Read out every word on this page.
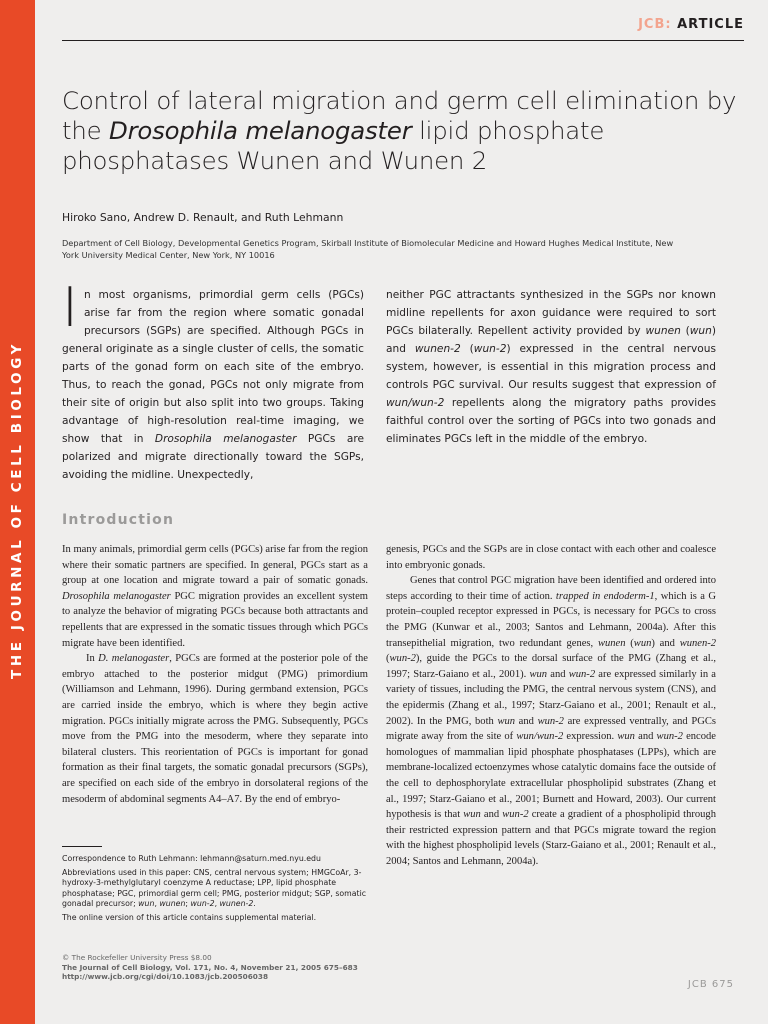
THE JOURNAL OF CELL BIOLOGY
JCB: ARTICLE
Control of lateral migration and germ cell elimination by the Drosophila melanogaster lipid phosphate phosphatases Wunen and Wunen 2
Hiroko Sano, Andrew D. Renault, and Ruth Lehmann
Department of Cell Biology, Developmental Genetics Program, Skirball Institute of Biomolecular Medicine and Howard Hughes Medical Institute, New York University Medical Center, New York, NY 10016
In most organisms, primordial germ cells (PGCs) arise far from the region where somatic gonadal precursors (SGPs) are specified. Although PGCs in general originate as a single cluster of cells, the somatic parts of the gonad form on each site of the embryo. Thus, to reach the gonad, PGCs not only migrate from their site of origin but also split into two groups. Taking advantage of high-resolution real-time imaging, we show that in Drosophila melanogaster PGCs are polarized and migrate directionally toward the SGPs, avoiding the midline. Unexpectedly,
neither PGC attractants synthesized in the SGPs nor known midline repellents for axon guidance were required to sort PGCs bilaterally. Repellent activity provided by wunen (wun) and wunen-2 (wun-2) expressed in the central nervous system, however, is essential in this migration process and controls PGC survival. Our results suggest that expression of wun/wun-2 repellents along the migratory paths provides faithful control over the sorting of PGCs into two gonads and eliminates PGCs left in the middle of the embryo.
Introduction

In many animals, primordial germ cells (PGCs) arise far from the region where their somatic partners are specified. In general, PGCs start as a group at one location and migrate toward a pair of somatic gonads. Drosophila melanogaster PGC migration provides an excellent system to analyze the behavior of migrating PGCs because both attractants and repellents that are expressed in the somatic tissues through which PGCs migrate have been identified.

In D. melanogaster, PGCs are formed at the posterior pole of the embryo attached to the posterior midgut (PMG) primordium (Williamson and Lehmann, 1996). During germband extension, PGCs are carried inside the embryo, which is where they begin active migration. PGCs initially migrate across the PMG. Subsequently, PGCs move from the PMG into the mesoderm, where they separate into bilateral clusters. This reorientation of PGCs is important for gonad formation as their final targets, the somatic gonadal precursors (SGPs), are specified on each side of the embryo in dorsolateral regions of the mesoderm of abdominal segments A4–A7. By the end of embryo-

genesis, PGCs and the SGPs are in close contact with each other and coalesce into embryonic gonads.

Genes that control PGC migration have been identified and ordered into steps according to their time of action. trapped in endoderm-1, which is a G protein–coupled receptor expressed in PGCs, is necessary for PGCs to cross the PMG (Kunwar et al., 2003; Santos and Lehmann, 2004a). After this transepithelial migration, two redundant genes, wunen (wun) and wunen-2 (wun-2), guide the PGCs to the dorsal surface of the PMG (Zhang et al., 1997; Starz-Gaiano et al., 2001). wun and wun-2 are expressed similarly in a variety of tissues, including the PMG, the central nervous system (CNS), and the epidermis (Zhang et al., 1997; Starz-Gaiano et al., 2001; Renault et al., 2002). In the PMG, both wun and wun-2 are expressed ventrally, and PGCs migrate away from the site of wun/wun-2 expression. wun and wun-2 encode homologues of mammalian lipid phosphate phosphatases (LPPs), which are membrane-localized ectoenzymes whose catalytic domains face the outside of the cell to dephosphorylate extracellular phospholipid substrates (Zhang et al., 1997; Starz-Gaiano et al., 2001; Burnett and Howard, 2003). Our current hypothesis is that wun and wun-2 create a gradient of a phospholipid through their restricted expression pattern and that PGCs migrate toward the region with the highest phospholipid levels (Starz-Gaiano et al., 2001; Renault et al., 2004; Santos and Lehmann, 2004a).

Correspondence to Ruth Lehmann: lehmann@saturn.med.nyu.edu

Abbreviations used in this paper: CNS, central nervous system; HMGCoAr, 3-hydroxy-3-methylglutaryl coenzyme A reductase; LPP, lipid phosphate phosphatase; PGC, primordial germ cell; PMG, posterior midgut; SGP, somatic gonadal precursor; wun, wunen; wun-2, wunen-2.

The online version of this article contains supplemental material.

© The Rockefeller University Press $8.00
The Journal of Cell Biology, Vol. 171, No. 4, November 21, 2005 675–683
http://www.jcb.org/cgi/doi/10.1083/jcb.200506038
JCB 675
